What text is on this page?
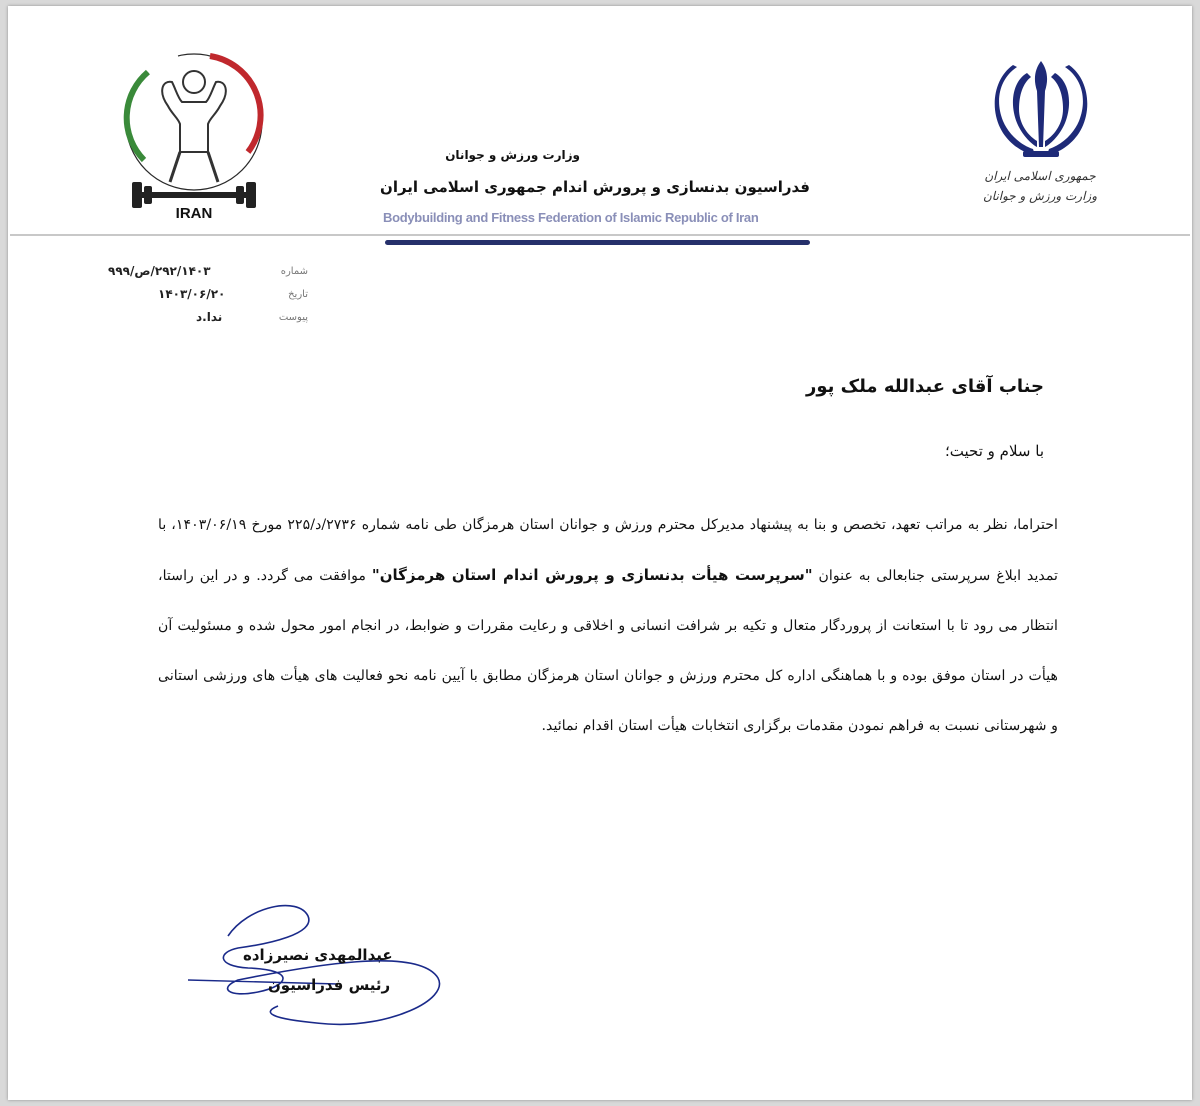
جمهوری اسلامی ایران
وزارت ورزش و جوانان
IRAN
وزارت ورزش و جوانان
فدراسیون بدنسازی و پرورش اندام جمهوری اسلامی ایران
Bodybuilding and Fitness Federation of Islamic Republic of Iran
شماره
۲۹۲/۱۴۰۳/ص/۹۹۹
تاریخ
۱۴۰۳/۰۶/۲۰
پیوست
ندا.د
جناب آقای عبدالله ملک پور
با سلام و تحیت؛
احتراما، نظر به مراتب تعهد، تخصص و بنا به پیشنهاد مدیرکل محترم ورزش و جوانان استان هرمزگان طی نامه شماره ۲۷۳۶/د/۲۲۵ مورخ ۱۴۰۳/۰۶/۱۹، با تمدید ابلاغ سرپرستی جنابعالی به عنوان "سرپرست هیأت بدنسازی و پرورش اندام استان هرمزگان" موافقت می گردد. و در این راستا، انتظار می رود تا با استعانت از پروردگار متعال و تکیه بر شرافت انسانی و اخلاقی و رعایت مقررات و ضوابط، در انجام امور محول شده و مسئولیت آن هیأت در استان موفق بوده و با هماهنگی اداره کل محترم ورزش و جوانان استان هرمزگان مطابق با آیین نامه نحو فعالیت های هیأت های ورزشی استانی و شهرستانی نسبت به فراهم نمودن مقدمات برگزاری انتخابات هیأت استان اقدام نمائید.
عبدالمهدی نصیرزاده
رئیس فدراسیون
